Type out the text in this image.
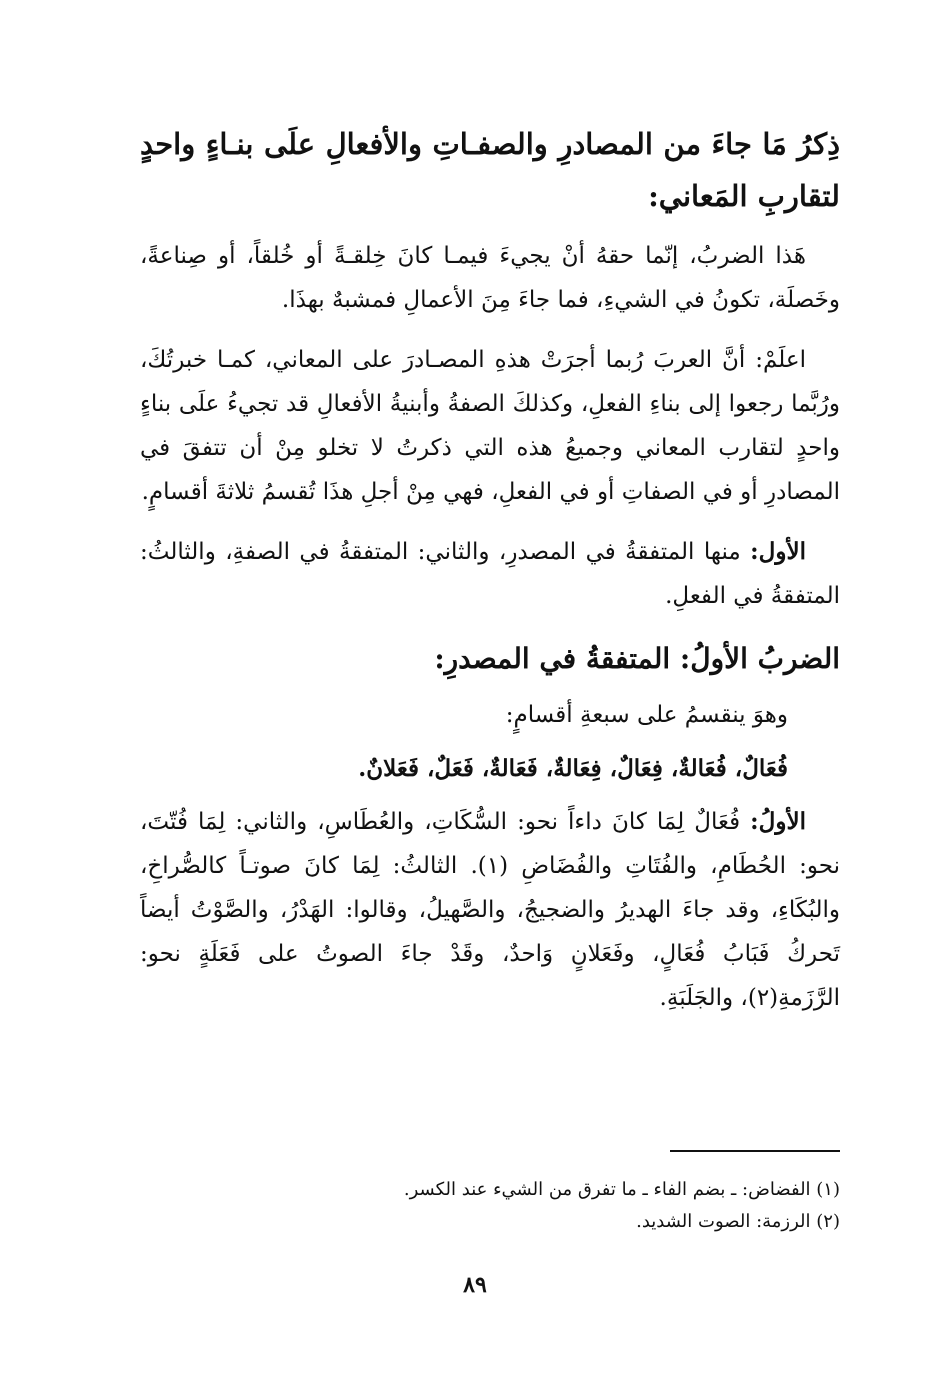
ذِكرُ مَا جاءَ من المصادرِ والصفـاتِ والأفعالِ علَى بنـاءٍ واحدٍ لتقاربِ المَعاني:

هَذا الضربُ، إنّما حقهُ أنْ يجيءَ فيمـا كانَ خِلقـةً أو خُلقاً، أو صِناعةً، وخَصلَة، تكونُ في الشيءِ، فما جاءَ مِنَ الأعمالِ فمشبهٌ بهذَا.

اعلَمْ: أنَّ العربَ رُبما أجرَتْ هذهِ المصـادرَ على المعاني، كمـا خبرتُكَ، ورُبَّما رجعوا إلى بناءِ الفعلِ، وكذلكَ الصفةُ وأبنيةُ الأفعالِ قد تجيءُ علَى بناءٍ واحدٍ لتقارب المعاني وجميعُ هذه التي ذكرتُ لا تخلو مِنْ أن تتفقَ في المصادرِ أو في الصفاتِ أو في الفعلِ، فهي مِنْ أجلِ هذَا تُقسمُ ثلاثةَ أقسامٍ.

الأول: منها المتفقةُ في المصدرِ، والثاني: المتفقةُ في الصفةِ، والثالثُ: المتفقةُ في الفعلِ.

الضربُ الأولُ: المتفقةُ في المصدرِ:

وهوَ ينقسمُ على سبعةِ أقسامٍ:

فُعَالٌ، فُعَالةٌ، فِعَالٌ، فِعَالةٌ، فَعَالةٌ، فَعَلٌ، فَعَلانٌ.

الأولُ: فُعَالٌ لِمَا كانَ داءاً نحو: السُّكَاتِ، والعُطَاسِ، والثاني: لِمَا فُتّتَ، نحو: الحُطَامِ، والفُتَاتِ والفُضَاضِ (١). الثالثُ: لِمَا كانَ صوتـاً كالصُّراخِ، والبُكَاءِ، وقد جاءَ الهديرُ والضجيجُ، والصَّهيلُ، وقالوا: الهَدْرُ، والصَّوْتُ أيضاً تَحركُ فَبَابُ فُعَالٍ، وفَعَلانٍ وَاحدٌ، وقَدْ جاءَ الصوتُ على فَعَلَةٍ نحو: الرَّزَمةِ(٢)، والجَلَبَةِ.

(١) الفضاض: ـ بضم الفاء ـ ما تفرق من الشيء عند الكسر.

(٢) الرزمة: الصوت الشديد.

٨٩
